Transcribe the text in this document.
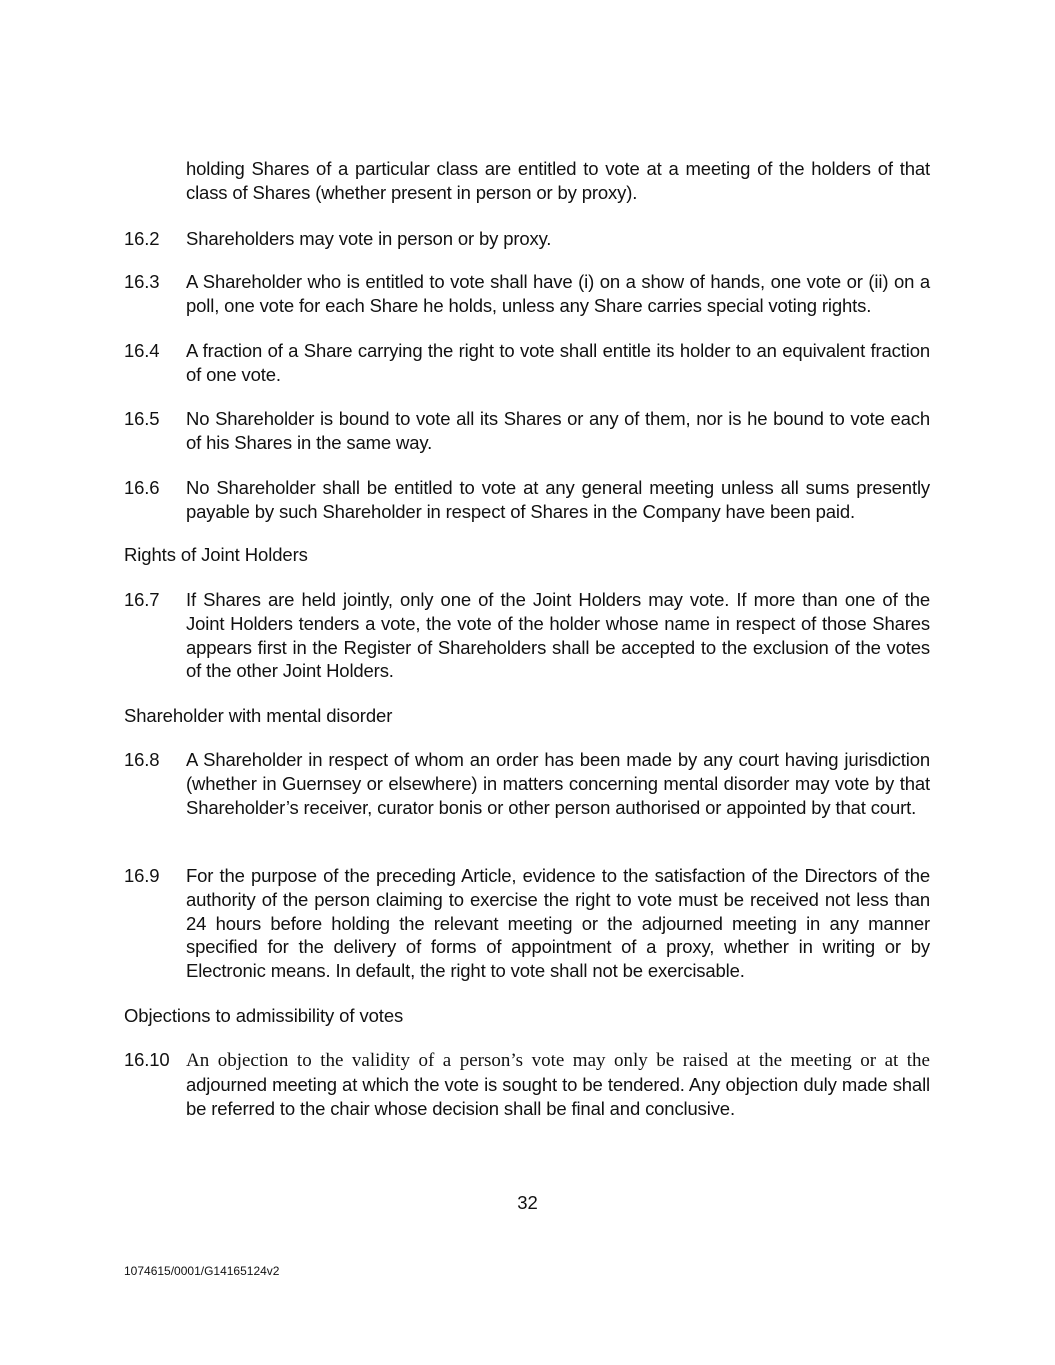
holding Shares of a particular class are entitled to vote at a meeting of the holders of that class of Shares (whether present in person or by proxy).
16.2	Shareholders may vote in person or by proxy.
16.3	A Shareholder who is entitled to vote shall have (i) on a show of hands, one vote or (ii) on a poll, one vote for each Share he holds, unless any Share carries special voting rights.
16.4	A fraction of a Share carrying the right to vote shall entitle its holder to an equivalent fraction of one vote.
16.5	No Shareholder is bound to vote all its Shares or any of them, nor is he bound to vote each of his Shares in the same way.
16.6	No Shareholder shall be entitled to vote at any general meeting unless all sums presently payable by such Shareholder in respect of Shares in the Company have been paid.
Rights of Joint Holders
16.7	If Shares are held jointly, only one of the Joint Holders may vote. If more than one of the Joint Holders tenders a vote, the vote of the holder whose name in respect of those Shares appears first in the Register of Shareholders shall be accepted to the exclusion of the votes of the other Joint Holders.
Shareholder with mental disorder
16.8	A Shareholder in respect of whom an order has been made by any court having jurisdiction (whether in Guernsey or elsewhere) in matters concerning mental disorder may vote by that Shareholder’s receiver, curator bonis or other person authorised or appointed by that court.
16.9	For the purpose of the preceding Article, evidence to the satisfaction of the Directors of the authority of the person claiming to exercise the right to vote must be received not less than 24 hours before holding the relevant meeting or the adjourned meeting in any manner specified for the delivery of forms of appointment of a proxy, whether in writing or by Electronic means. In default, the right to vote shall not be exercisable.
Objections to admissibility of votes
16.10 An objection to the validity of a person’s vote may only be raised at the meeting or at the adjourned meeting at which the vote is sought to be tendered. Any objection duly made shall be referred to the chair whose decision shall be final and conclusive.
32
1074615/0001/G14165124v2
